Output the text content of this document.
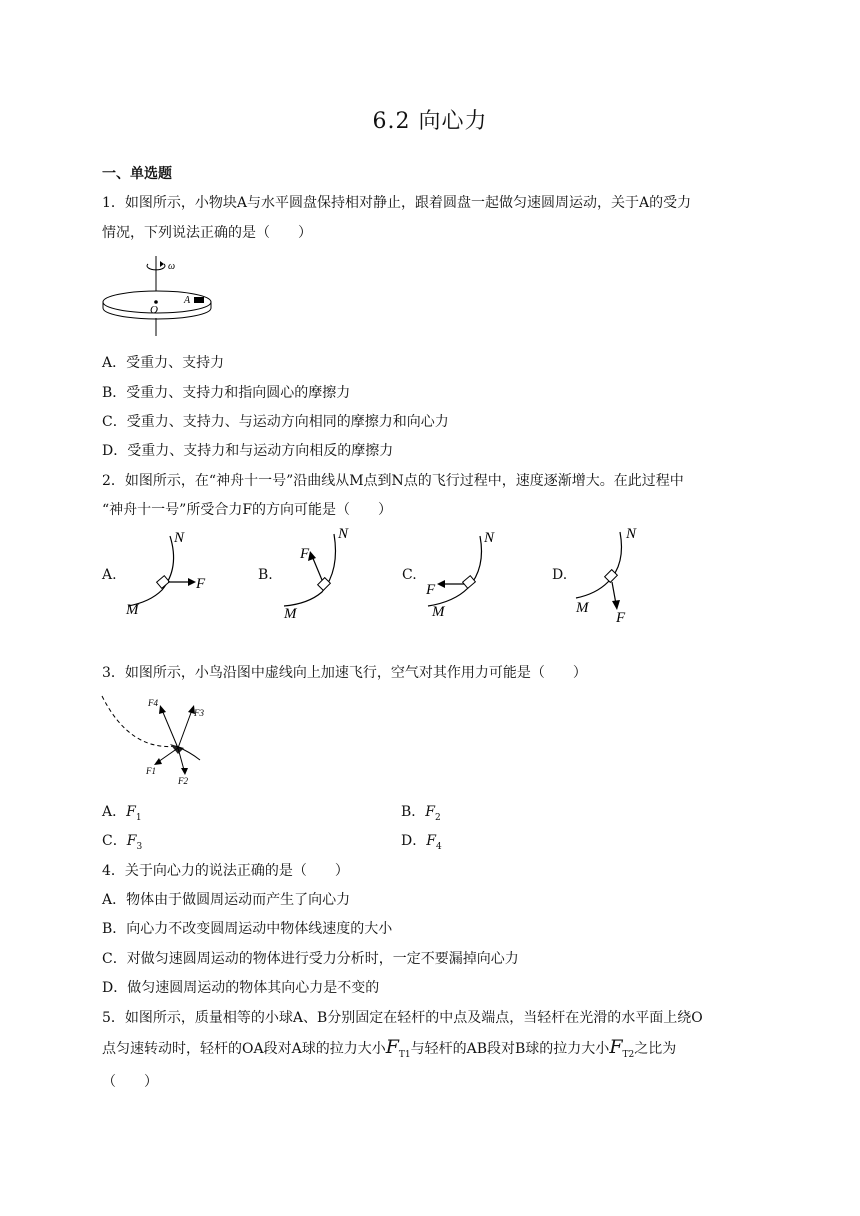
6.2 向心力
一、单选题
1．如图所示，小物块A与水平圆盘保持相对静止，跟着圆盘一起做匀速圆周运动，关于A的受力
情况，下列说法正确的是（　　）
ω
O
A
A．受重力、支持力
B．受重力、支持力和指向圆心的摩擦力
C．受重力、支持力、与运动方向相同的摩擦力和向心力
D．受重力、支持力和与运动方向相反的摩擦力
2．如图所示，在“神舟十一号”沿曲线从M点到N点的飞行过程中，速度逐渐增大。在此过程中
“神舟十一号”所受合力F的方向可能是（　　）
A.
N
M
F
B.
N
F
M
C.
N
F
M
D.
N
M
F
3．如图所示，小鸟沿图中虚线向上加速飞行，空气对其作用力可能是（　　）
F4
F3
F1
F2
A．$F_1$	B．$F_2$
C．$F_3$	D．$F_4$
4．关于向心力的说法正确的是（　　）
A．物体由于做圆周运动而产生了向心力
B．向心力不改变圆周运动中物体线速度的大小
C．对做匀速圆周运动的物体进行受力分析时，一定不要漏掉向心力
D．做匀速圆周运动的物体其向心力是不变的
5．如图所示，质量相等的小球A、B分别固定在轻杆的中点及端点，当轻杆在光滑的水平面上绕O
点匀速转动时，轻杆的OA段对A球的拉力大小$F_{T1}$与轻杆的AB段对B球的拉力大小$F_{T2}$之比为
（　　）
